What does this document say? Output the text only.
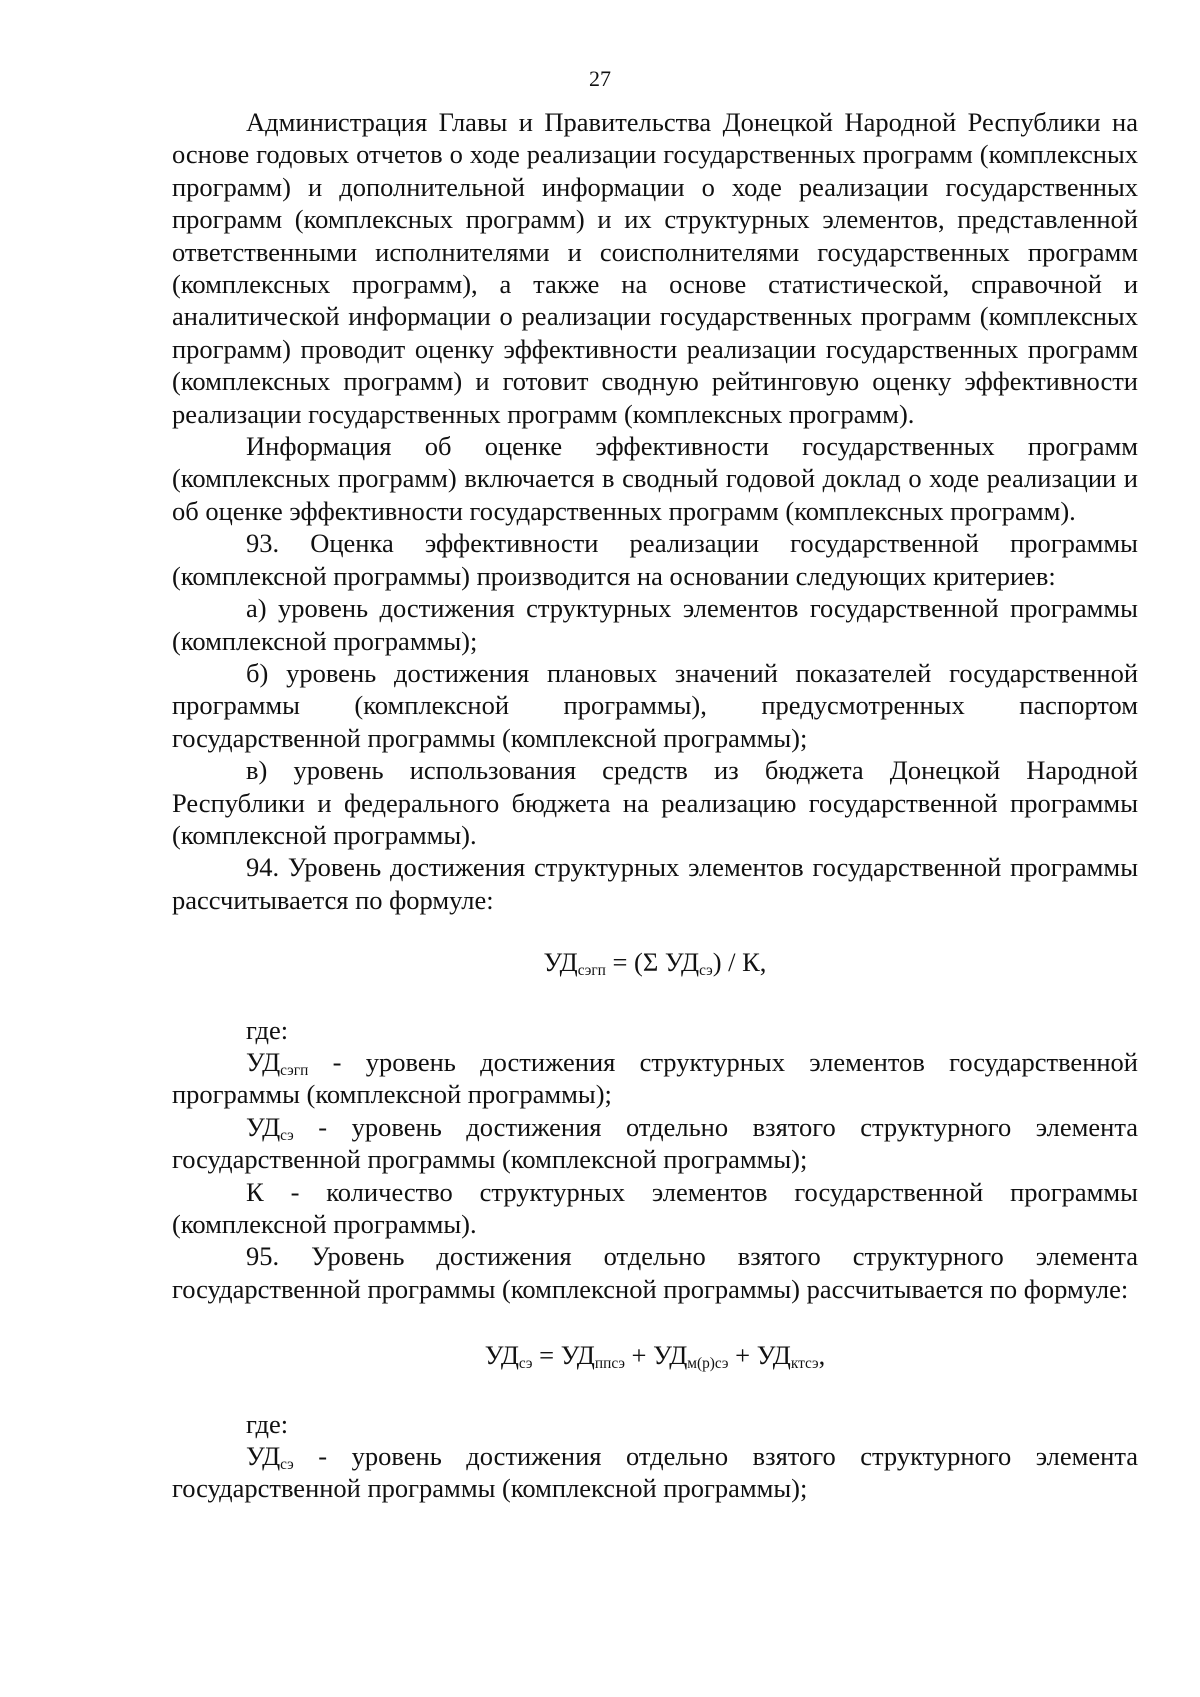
27

Администрация Главы и Правительства Донецкой Народной Республики на основе годовых отчетов о ходе реализации государственных программ (комплексных программ) и дополнительной информации о ходе реализации государственных программ (комплексных программ) и их структурных элементов, представленной ответственными исполнителями и соисполнителями государственных программ (комплексных программ), а также на основе статистической, справочной и аналитической информации о реализации государственных программ (комплексных программ) проводит оценку эффективности реализации государственных программ (комплексных программ) и готовит сводную рейтинговую оценку эффективности реализации государственных программ (комплексных программ).

Информация об оценке эффективности государственных программ (комплексных программ) включается в сводный годовой доклад о ходе реализации и об оценке эффективности государственных программ (комплексных программ).

93. Оценка эффективности реализации государственной программы (комплексной программы) производится на основании следующих критериев:

а) уровень достижения структурных элементов государственной программы (комплексной программы);

б) уровень достижения плановых значений показателей государственной программы (комплексной программы), предусмотренных паспортом государственной программы (комплексной программы);

в) уровень использования средств из бюджета Донецкой Народной Республики и федерального бюджета на реализацию государственной программы (комплексной программы).

94. Уровень достижения структурных элементов государственной программы рассчитывается по формуле:

$УД_{сэгп} = (\Sigma$ $УД_{сэ}$) / К,

где:

$УД_{сэгп}$ - уровень достижения структурных элементов государственной программы (комплексной программы);

$УД_{сэ}$ - уровень достижения отдельно взятого структурного элемента государственной программы (комплексной программы);

К - количество структурных элементов государственной программы (комплексной программы).

95. Уровень достижения отдельно взятого структурного элемента государственной программы (комплексной программы) рассчитывается по формуле:

$УД_{сэ} = УД_{ппсэ} + УД_{м(р)сэ} + УД_{ктсэ}$,

где:

$УД_{сэ}$ - уровень достижения отдельно взятого структурного элемента государственной программы (комплексной программы);
